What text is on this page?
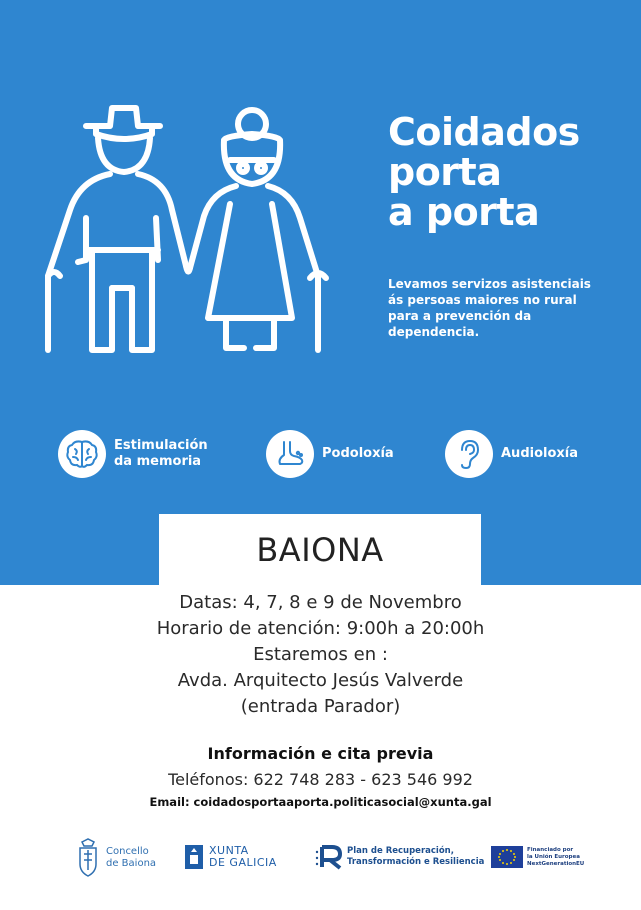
Coidados
porta
a porta
Levamos servizos asistenciais ás persoas maiores no rural para a prevención da dependencia.
Estimulación
da memoria
Podoloxía	Audioloxía
BAIONA
Datas: 4, 7, 8 e 9 de Novembro
Horario de atención: 9:00h a 20:00h
Estaremos en :
Avda. Arquitecto Jesús Valverde
(entrada Parador)
Información e cita previa
Teléfonos: 622 748 283 - 623 546 992
Email: coidadosportaaporta.politicasocial@xunta.gal
Concello
de Baiona
XUNTA
DE GALICIA
Plan de Recuperación,
Transformación e Resiliencia
Financiado por
la Unión Europea
NextGenerationEU
